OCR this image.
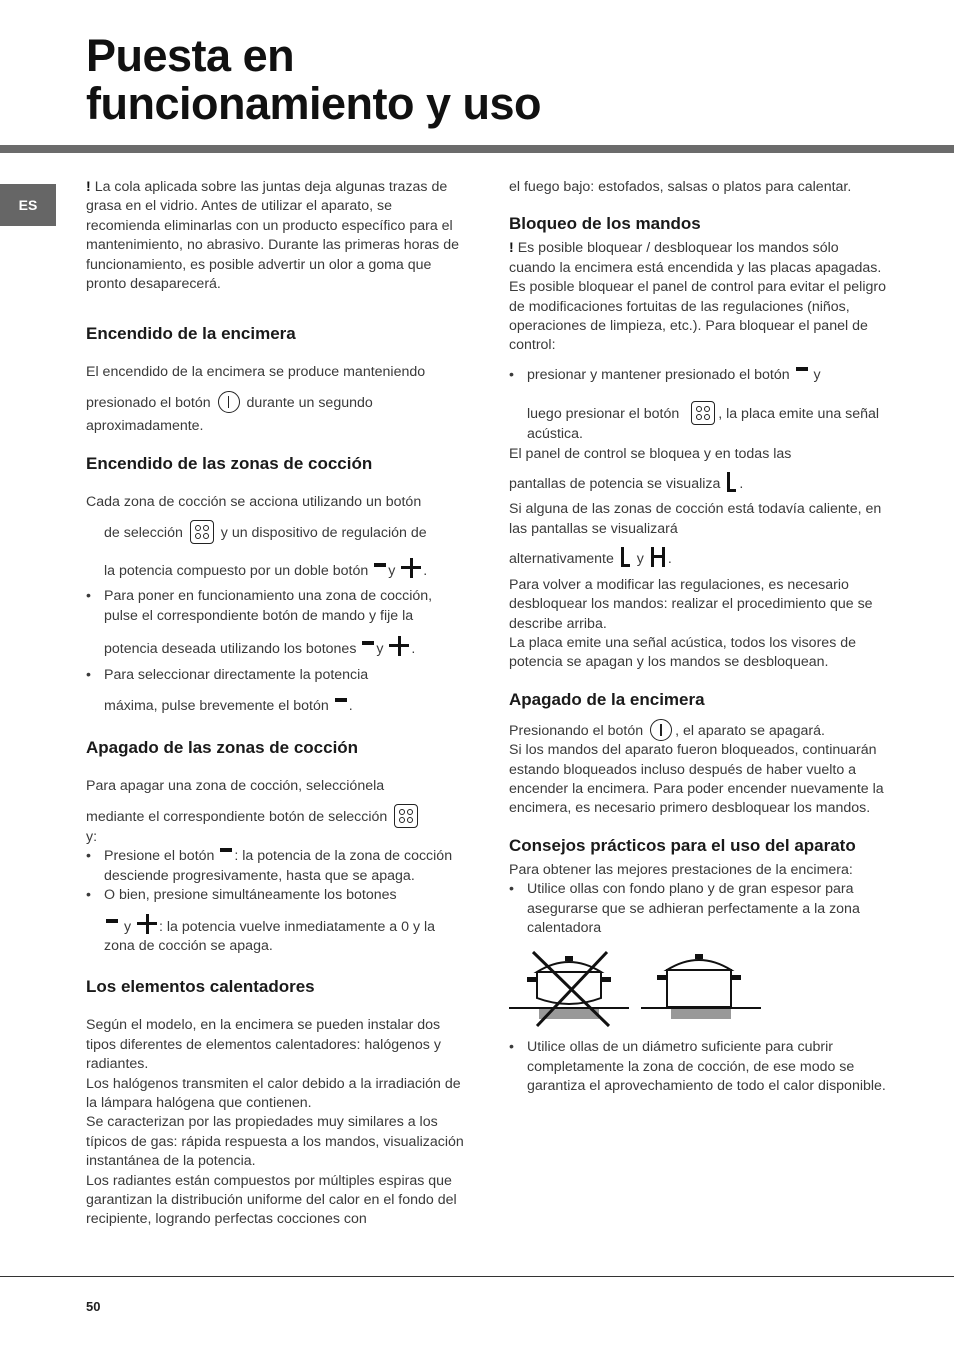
Puesta en
funcionamiento y uso
ES

! La cola aplicada sobre las juntas deja algunas trazas de grasa en el vidrio. Antes de utilizar el aparato, se recomienda eliminarlas con un producto específico para el mantenimiento, no abrasivo. Durante las primeras horas de funcionamiento, es posible advertir un olor a goma que pronto desaparecerá.

Encendido de la encimera

El encendido de la encimera se produce manteniendo

presionado el botón	durante un segundo

aproximadamente.

Encendido de las zonas de cocción

Cada zona de cocción se acciona utilizando un botón

de selección	y un dispositivo de regulación de

la potencia compuesto por un doble botón y .

• Para poner en funcionamiento una zona de cocción, pulse el correspondiente botón de mando y fije la

potencia deseada utilizando los botones y .
• Para seleccionar directamente la potencia
máxima, pulse brevemente el botón .
Apagado de las zonas de cocción

Para apagar una zona de cocción, selecciónela

mediante el correspondiente botón de selección

y:

• Presione el botón : la potencia de la zona de cocción desciende progresivamente, hasta que se apaga.
• O bien, presione simultáneamente los botones
y : la potencia vuelve inmediatamente a 0 y la zona de cocción se apaga.
Los elementos calentadores

Según el modelo, en la encimera se pueden instalar dos tipos diferentes de elementos calentadores: halógenos y radiantes.

Los halógenos transmiten el calor debido a la irradiación de la lámpara halógena que contienen.

Se caracterizan por las propiedades muy similares a los típicos de gas: rápida respuesta a los mandos, visualización instantánea de la potencia.

Los radiantes están compuestos por múltiples espiras que garantizan la distribución uniforme del calor en el fondo del recipiente, logrando perfectas cocciones con

el fuego bajo: estofados, salsas o platos para calentar.

Bloqueo de los mandos

! Es posible bloquear / desbloquear los mandos sólo cuando la encimera está encendida y las placas apagadas.

Es posible bloquear el panel de control para evitar el peligro de modificaciones fortuitas de las regulaciones (niños, operaciones de limpieza, etc.). Para bloquear el panel de control:

• presionar y mantener presionado el botón y
luego presionar el botón	, la placa emite una señal acústica.

El panel de control se bloquea y en todas las

pantallas de potencia se visualiza .

Si alguna de las zonas de cocción está todavía caliente, en las pantallas se visualizará

alternativamente y .

Para volver a modificar las regulaciones, es necesario desbloquear los mandos: realizar el procedimiento que se describe arriba.

La placa emite una señal acústica, todos los visores de potencia se apagan y los mandos se desbloquean.

Apagado de la encimera

Presionando el botón , el aparato se apagará.

Si los mandos del aparato fueron bloqueados, continuarán estando bloqueados incluso después de haber vuelto a encender la encimera. Para poder encender nuevamente la encimera, es necesario primero desbloquear los mandos.

Consejos prácticos para el uso del aparato

Para obtener las mejores prestaciones de la encimera:

• Utilice ollas con fondo plano y de gran espesor para asegurarse que se adhieran perfectamente a la zona calentadora
• Utilice ollas de un diámetro suficiente para cubrir completamente la zona de cocción, de ese modo se garantiza el aprovechamiento de todo el calor disponible.
50
